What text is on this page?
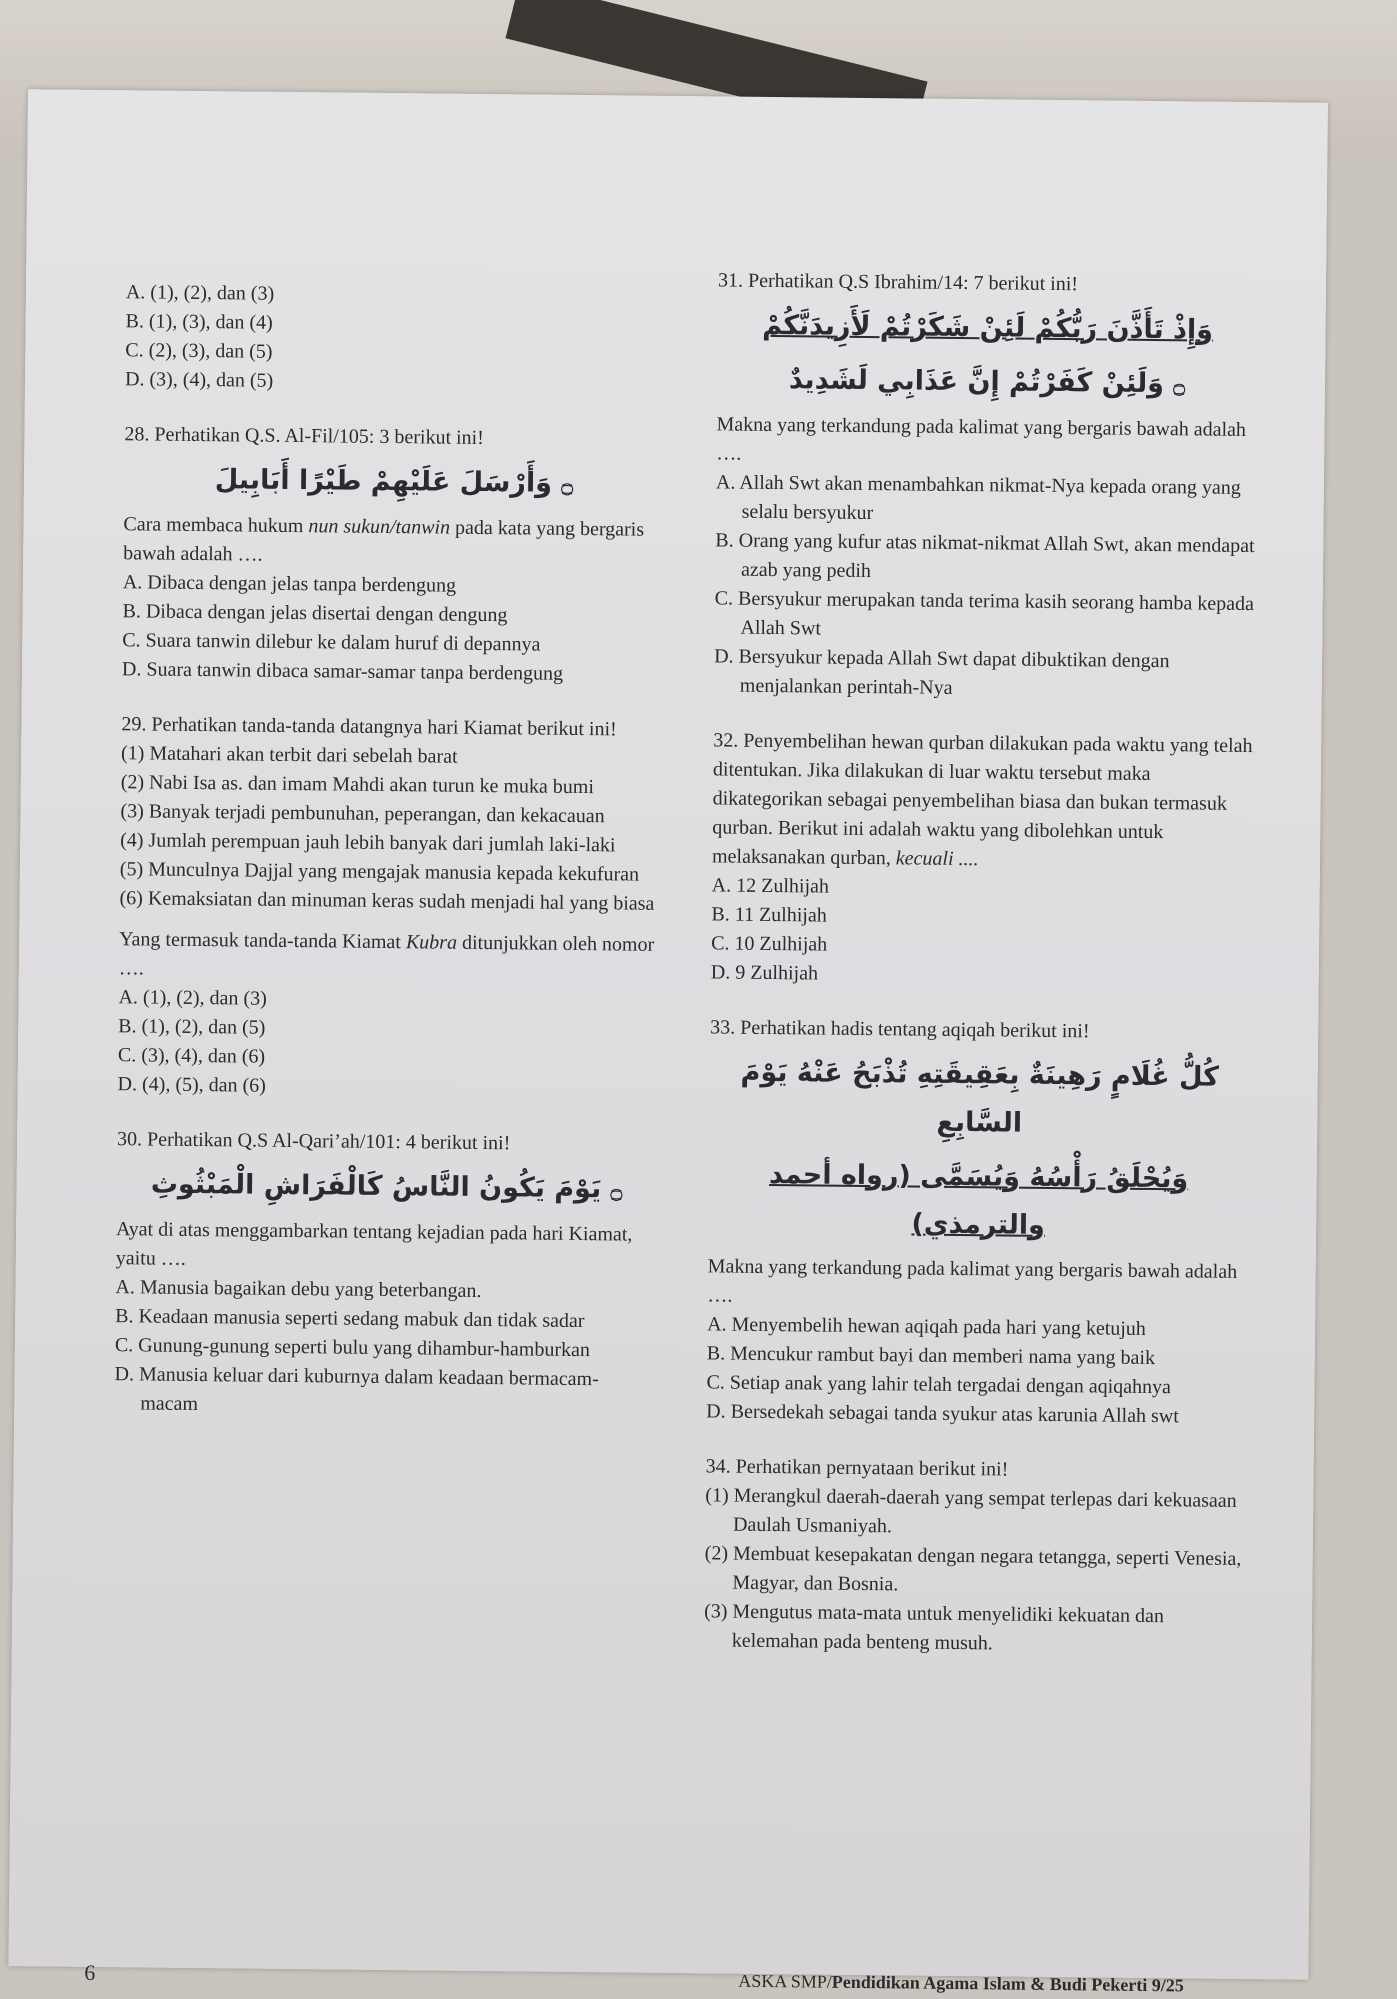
A. (1), (2), dan (3)

B. (1), (3), dan (4)

C. (2), (3), dan (5)

D. (3), (4), dan (5)

28. Perhatikan Q.S. Al-Fil/105: 3 berikut ini!

۝ وَأَرْسَلَ عَلَيْهِمْ طَيْرًا أَبَابِيلَ

Cara membaca hukum nun sukun/tanwin pada kata yang bergaris bawah adalah ….

A. Dibaca dengan jelas tanpa berdengung

B. Dibaca dengan jelas disertai dengan dengung

C. Suara tanwin dilebur ke dalam huruf di depannya

D. Suara tanwin dibaca samar-samar tanpa berdengung

29. Perhatikan tanda-tanda datangnya hari Kiamat berikut ini!

(1) Matahari akan terbit dari sebelah barat

(2) Nabi Isa as. dan imam Mahdi akan turun ke muka bumi

(3) Banyak terjadi pembunuhan, peperangan, dan kekacauan

(4) Jumlah perempuan jauh lebih banyak dari jumlah laki-laki

(5) Munculnya Dajjal yang mengajak manusia kepada kekufuran

(6) Kemaksiatan dan minuman keras sudah menjadi hal yang biasa

Yang termasuk tanda-tanda Kiamat Kubra ditunjukkan oleh nomor ….

A. (1), (2), dan (3)

B. (1), (2), dan (5)

C. (3), (4), dan (6)

D. (4), (5), dan (6)

30. Perhatikan Q.S Al-Qari’ah/101: 4 berikut ini!

۝ يَوْمَ يَكُونُ النَّاسُ كَالْفَرَاشِ الْمَبْثُوثِ

Ayat di atas menggambarkan tentang kejadian pada hari Kiamat, yaitu ….

A. Manusia bagaikan debu yang beterbangan.

B. Keadaan manusia seperti sedang mabuk dan tidak sadar

C. Gunung-gunung seperti bulu yang dihambur-hamburkan

D. Manusia keluar dari kuburnya dalam keadaan bermacam-macam

31. Perhatikan Q.S Ibrahim/14: 7 berikut ini!

وَإِذْ تَأَذَّنَ رَبُّكُمْ لَئِنْ شَكَرْتُمْ لَأَزِيدَنَّكُمْ
۝ وَلَئِنْ كَفَرْتُمْ إِنَّ عَذَابِي لَشَدِيدٌ

Makna yang terkandung pada kalimat yang bergaris bawah adalah ….

A. Allah Swt akan menambahkan nikmat-Nya kepada orang yang selalu bersyukur

B. Orang yang kufur atas nikmat-nikmat Allah Swt, akan mendapat azab yang pedih

C. Bersyukur merupakan tanda terima kasih seorang hamba kepada Allah Swt

D. Bersyukur kepada Allah Swt dapat dibuktikan dengan menjalankan perintah-Nya

32. Penyembelihan hewan qurban dilakukan pada waktu yang telah ditentukan. Jika dilakukan di luar waktu tersebut maka dikategorikan sebagai penyembelihan biasa dan bukan termasuk qurban. Berikut ini adalah waktu yang dibolehkan untuk melaksanakan qurban, kecuali ....

A. 12 Zulhijah

B. 11 Zulhijah

C. 10 Zulhijah

D. 9 Zulhijah

33. Perhatikan hadis tentang aqiqah berikut ini!

كُلُّ غُلَامٍ رَهِينَةٌ بِعَقِيقَتِهِ تُذْبَحُ عَنْهُ يَوْمَ السَّابِعِ
وَيُحْلَقُ رَأْسُهُ وَيُسَمَّى (رواه أحمد والترمذي)

Makna yang terkandung pada kalimat yang bergaris bawah adalah ….

A. Menyembelih hewan aqiqah pada hari yang ketujuh

B. Mencukur rambut bayi dan memberi nama yang baik

C. Setiap anak yang lahir telah tergadai dengan aqiqahnya

D. Bersedekah sebagai tanda syukur atas karunia Allah swt

34. Perhatikan pernyataan berikut ini!

(1) Merangkul daerah-daerah yang sempat terlepas dari kekuasaan Daulah Usmaniyah.

(2) Membuat kesepakatan dengan negara tetangga, seperti Venesia, Magyar, dan Bosnia.

(3) Mengutus mata-mata untuk menyelidiki kekuatan dan kelemahan pada benteng musuh.

6	ASKA SMP/Pendidikan Agama Islam & Budi Pekerti 9/25
